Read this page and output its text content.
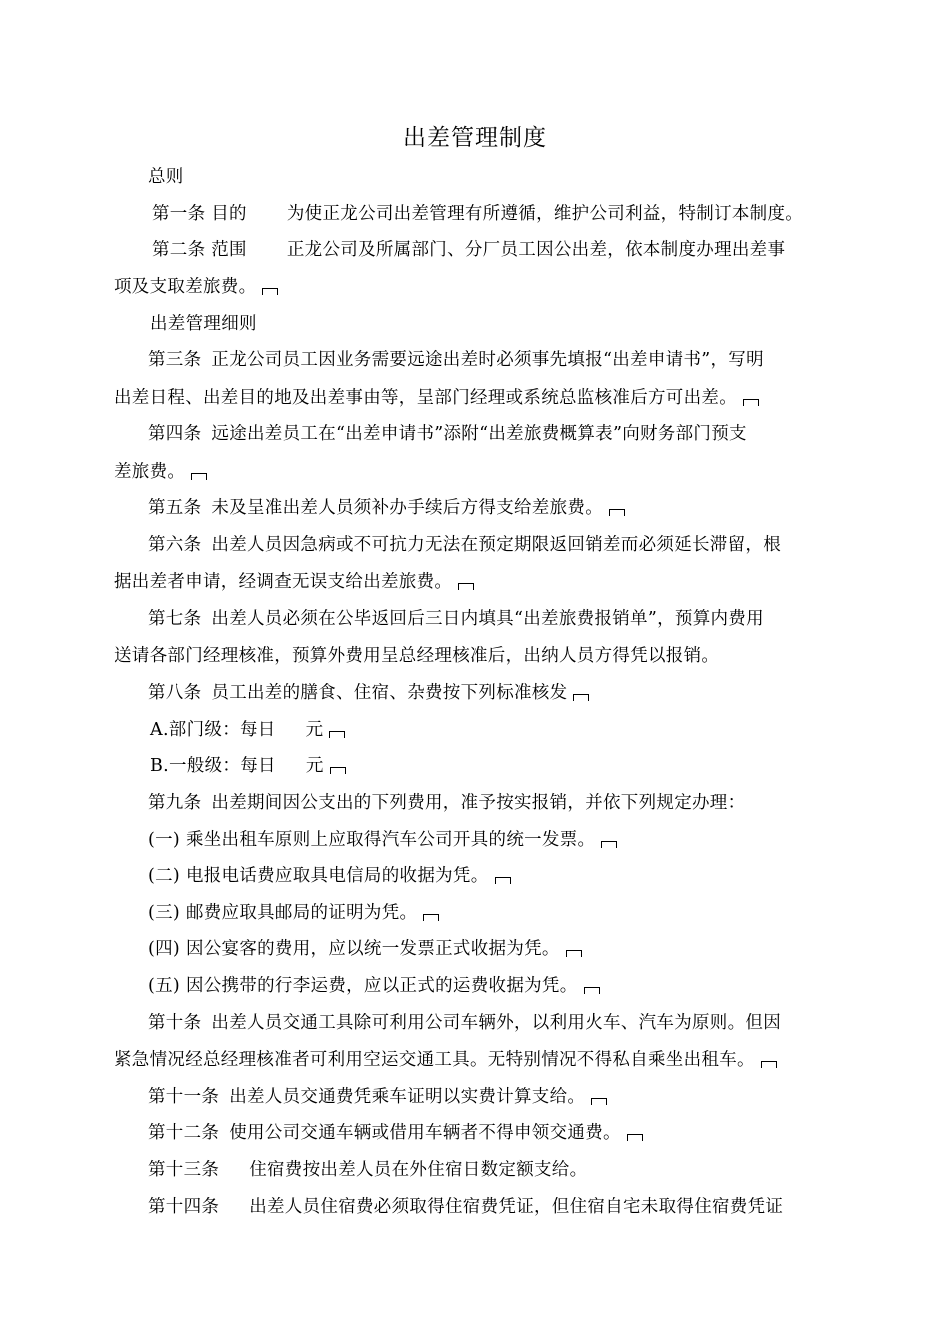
出差管理制度
总则
第一条 目的 为使正龙公司出差管理有所遵循，维护公司利益，特制订本制度。
第二条 范围 正龙公司及所属部门、分厂员工因公出差，依本制度办理出差事
项及支取差旅费。
出差管理细则
第三条 正龙公司员工因业务需要远途出差时必须事先填报“出差申请书”，写明
出差日程、出差目的地及出差事由等，呈部门经理或系统总监核准后方可出差。
第四条 远途出差员工在“出差申请书”添附“出差旅费概算表”向财务部门预支
差旅费。
第五条 未及呈准出差人员须补办手续后方得支给差旅费。
第六条 出差人员因急病或不可抗力无法在预定期限返回销差而必须延长滞留，根
据出差者申请，经调查无误支给出差旅费。
第七条 出差人员必须在公毕返回后三日内填具“出差旅费报销单”，预算内费用
送请各部门经理核准，预算外费用呈总经理核准后，出纳人员方得凭以报销。
第八条 员工出差的膳食、住宿、杂费按下列标准核发
A.部门级：每日 元
B.一般级：每日 元
第九条 出差期间因公支出的下列费用，准予按实报销，并依下列规定办理：
(一) 乘坐出租车原则上应取得汽车公司开具的统一发票。
(二) 电报电话费应取具电信局的收据为凭。
(三) 邮费应取具邮局的证明为凭。
(四) 因公宴客的费用，应以统一发票正式收据为凭。
(五) 因公携带的行李运费，应以正式的运费收据为凭。
第十条 出差人员交通工具除可利用公司车辆外，以利用火车、汽车为原则。但因
紧急情况经总经理核准者可利用空运交通工具。无特别情况不得私自乘坐出租车。
第十一条 出差人员交通费凭乘车证明以实费计算支给。
第十二条 使用公司交通车辆或借用车辆者不得申领交通费。
第十三条 住宿费按出差人员在外住宿日数定额支给。
第十四条 出差人员住宿费必须取得住宿费凭证，但住宿自宅未取得住宿费凭证
